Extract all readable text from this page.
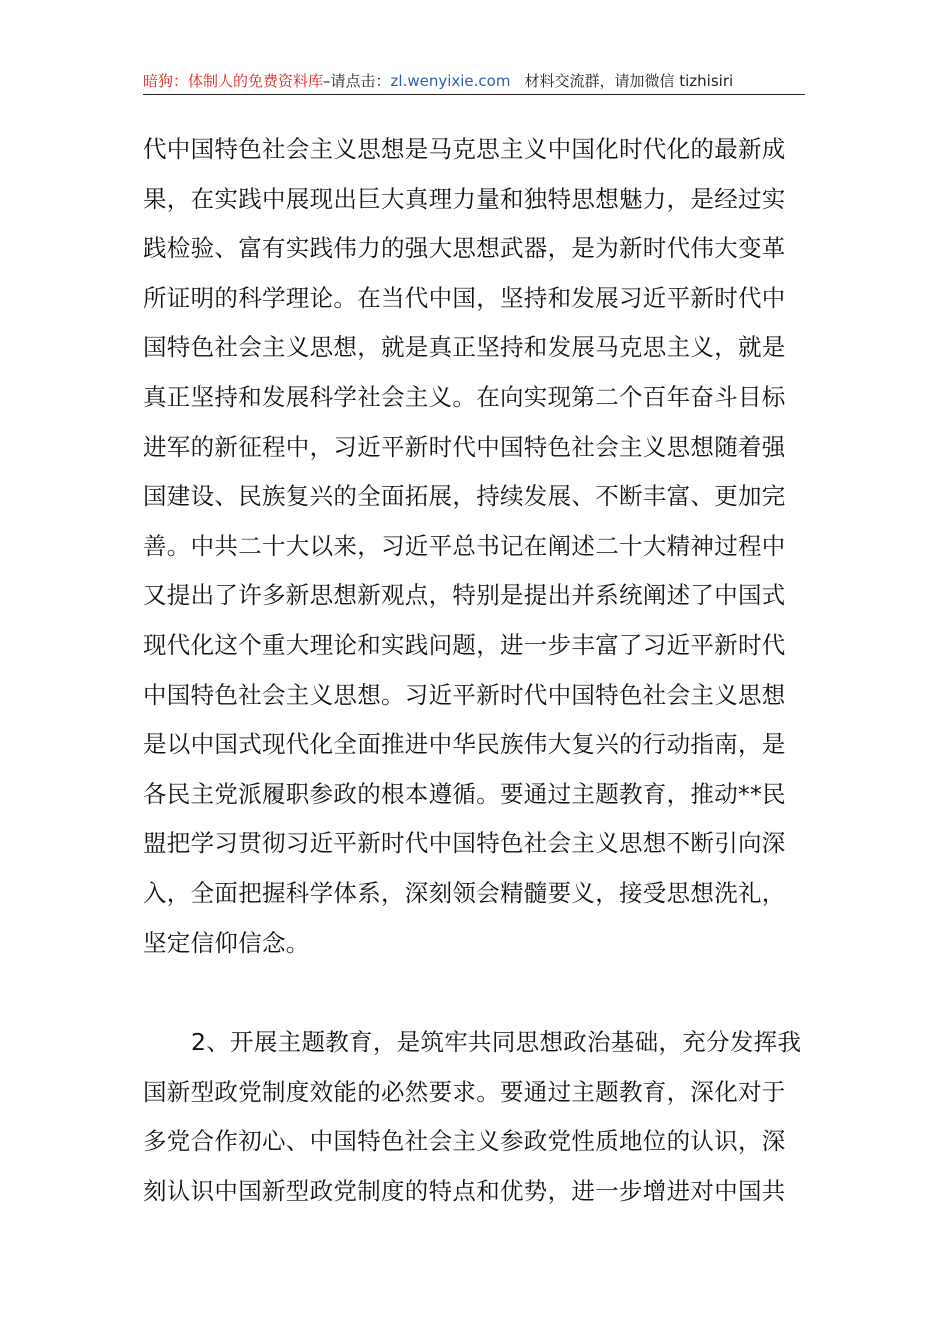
暗狗：体制人的免费资料库–请点击：zl.wenyixie.com 材料交流群，请加微信 tizhisiri

代中国特色社会主义思想是马克思主义中国化时代化的最新成
果，在实践中展现出巨大真理力量和独特思想魅力，是经过实
践检验、富有实践伟力的强大思想武器，是为新时代伟大变革
所证明的科学理论。在当代中国，坚持和发展习近平新时代中
国特色社会主义思想，就是真正坚持和发展马克思主义，就是
真正坚持和发展科学社会主义。在向实现第二个百年奋斗目标
进军的新征程中，习近平新时代中国特色社会主义思想随着强
国建设、民族复兴的全面拓展，持续发展、不断丰富、更加完
善。中共二十大以来，习近平总书记在阐述二十大精神过程中
又提出了许多新思想新观点，特别是提出并系统阐述了中国式
现代化这个重大理论和实践问题，进一步丰富了习近平新时代
中国特色社会主义思想。习近平新时代中国特色社会主义思想
是以中国式现代化全面推进中华民族伟大复兴的行动指南，是
各民主党派履职参政的根本遵循。要通过主题教育，推动**民
盟把学习贯彻习近平新时代中国特色社会主义思想不断引向深
入，全面把握科学体系，深刻领会精髓要义，接受思想洗礼，
坚定信仰信念。

2、开展主题教育，是筑牢共同思想政治基础，充分发挥我
国新型政党制度效能的必然要求。要通过主题教育，深化对于
多党合作初心、中国特色社会主义参政党性质地位的认识，深
刻认识中国新型政党制度的特点和优势，进一步增进对中国共
